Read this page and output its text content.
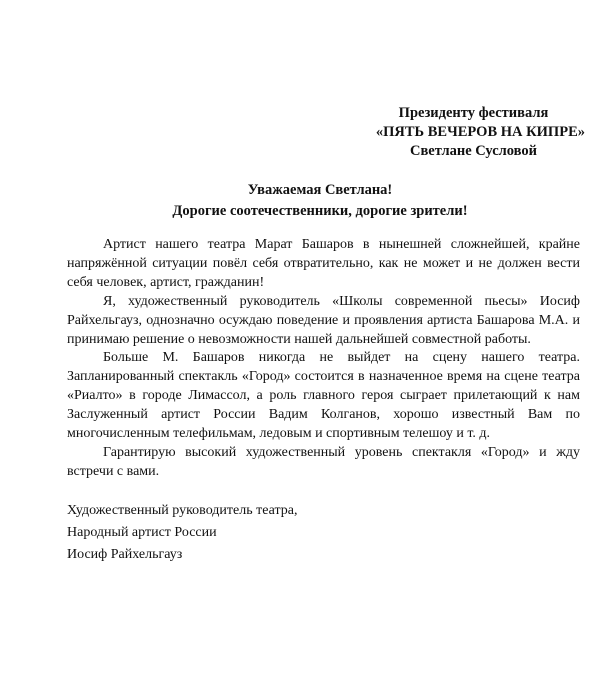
Президенту фестиваля
«ПЯТЬ ВЕЧЕРОВ НА КИПРЕ»
Светлане Сусловой
Уважаемая Светлана!
Дорогие соотечественники, дорогие зрители!

Артист нашего театра Марат Башаров в нынешней сложнейшей, крайне напряжённой ситуации повёл себя отвратительно, как не может и не должен вести себя человек, артист, гражданин!

Я, художественный руководитель «Школы современной пьесы» Иосиф Райхельгауз, однозначно осуждаю поведение и проявления артиста Башарова М.А. и принимаю решение о невозможности нашей дальнейшей совместной работы.

Больше М. Башаров никогда не выйдет на сцену нашего театра. Запланированный спектакль «Город» состоится в назначенное время на сцене театра «Риалто» в городе Лимассол, а роль главного героя сыграет прилетающий к нам Заслуженный артист России Вадим Колганов, хорошо известный Вам по многочисленным телефильмам, ледовым и спортивным телешоу и т. д.

Гарантирую высокий художественный уровень спектакля «Город» и жду встречи с вами.

Художественный руководитель театра,
Народный артист России
Иосиф Райхельгауз
